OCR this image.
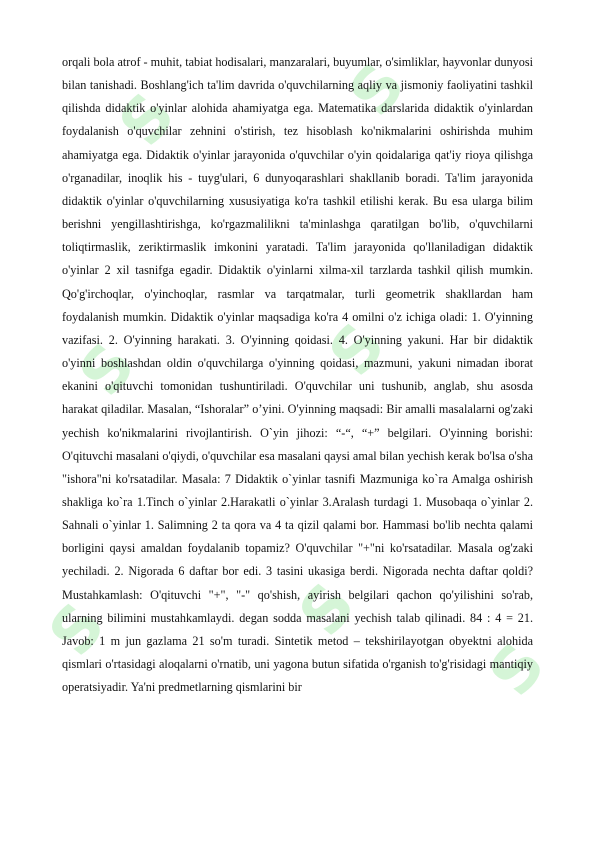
S S
S	S
S	S
S

orqali bola atrof - muhit, tabiat hodisalari, manzaralari, buyumlar, o'simliklar, hayvonlar dunyosi bilan tanishadi. Boshlang'ich ta'lim davrida o'quvchilarning aqliy va jismoniy faoliyatini tashkil qilishda didaktik o'yinlar alohida ahamiyatga ega. Matematika darslarida didaktik o'yinlardan foydalanish o'quvchilar zehnini o'stirish, tez hisoblash ko'nikmalarini oshirishda muhim ahamiyatga ega. Didaktik o'yinlar jarayonida o'quvchilar o'yin qoidalariga qat'iy rioya qilishga o'rganadilar, inoqlik his - tuyg'ulari, 6 dunyoqarashlari shakllanib boradi. Ta'lim jarayonida didaktik o'yinlar o'quvchilarning xususiyatiga ko'ra tashkil etilishi kerak. Bu esa ularga bilim berishni yengillashtirishga, ko'rgazmalilikni ta'minlashga qaratilgan bo'lib, o'quvchilarni toliqtirmaslik, zeriktirmaslik imkonini yaratadi. Ta'lim jarayonida qo'llaniladigan didaktik o'yinlar 2 xil tasnifga egadir. Didaktik o'yinlarni xilma-xil tarzlarda tashkil qilish mumkin. Qo'g'irchoqlar, o'yinchoqlar, rasmlar va tarqatmalar, turli geometrik shakllardan ham foydalanish mumkin. Didaktik o'yinlar maqsadiga ko'ra 4 omilni o'z ichiga oladi: 1. O'yinning vazifasi. 2. O'yinning harakati. 3. O'yinning qoidasi. 4. O'yinning yakuni. Har bir didaktik o'yinni boshlashdan oldin o'quvchilarga o'yinning qoidasi, mazmuni, yakuni nimadan iborat ekanini o'qituvchi tomonidan tushuntiriladi. O'quvchilar uni tushunib, anglab, shu asosda harakat qiladilar. Masalan, “Ishoralar” o’yini. O'yinning maqsadi: Bir amalli masalalarni og'zaki yechish ko'nikmalarini rivojlantirish. O`yin jihozi: “-“, “+” belgilari. O'yinning borishi: O'qituvchi masalani o'qiydi, o'quvchilar esa masalani qaysi amal bilan yechish kerak bo'lsa o'sha "ishora"ni ko'rsatadilar. Masala: 7 Didaktik o`yinlar tasnifi Mazmuniga ko`ra Amalga oshirish shakliga ko`ra 1.Tinch o`yinlar 2.Harakatli o`yinlar 3.Aralash turdagi 1. Musobaqa o`yinlar 2. Sahnali o`yinlar 1. Salimning 2 ta qora va 4 ta qizil qalami bor. Hammasi bo'lib nechta qalami borligini qaysi amaldan foydalanib topamiz? O'quvchilar "+"ni ko'rsatadilar. Masala og'zaki yechiladi. 2. Nigorada 6 daftar bor edi. 3 tasini ukasiga berdi. Nigorada nechta daftar qoldi? Mustahkamlash: O'qituvchi "+", "-" qo'shish, ayirish belgilari qachon qo'yilishini so'rab, ularning bilimini mustahkamlaydi. degan sodda masalani yechish talab qilinadi. 84 : 4 = 21. Javob: 1 m jun gazlama 21 so'm turadi. Sintetik metod – tekshirilayotgan obyektni alohida qismlari o'rtasidagi aloqalarni o'rnatib, uni yagona butun sifatida o'rganish to'g'risidagi mantiqiy operatsiyadir. Ya'ni predmetlarning qismlarini bir
